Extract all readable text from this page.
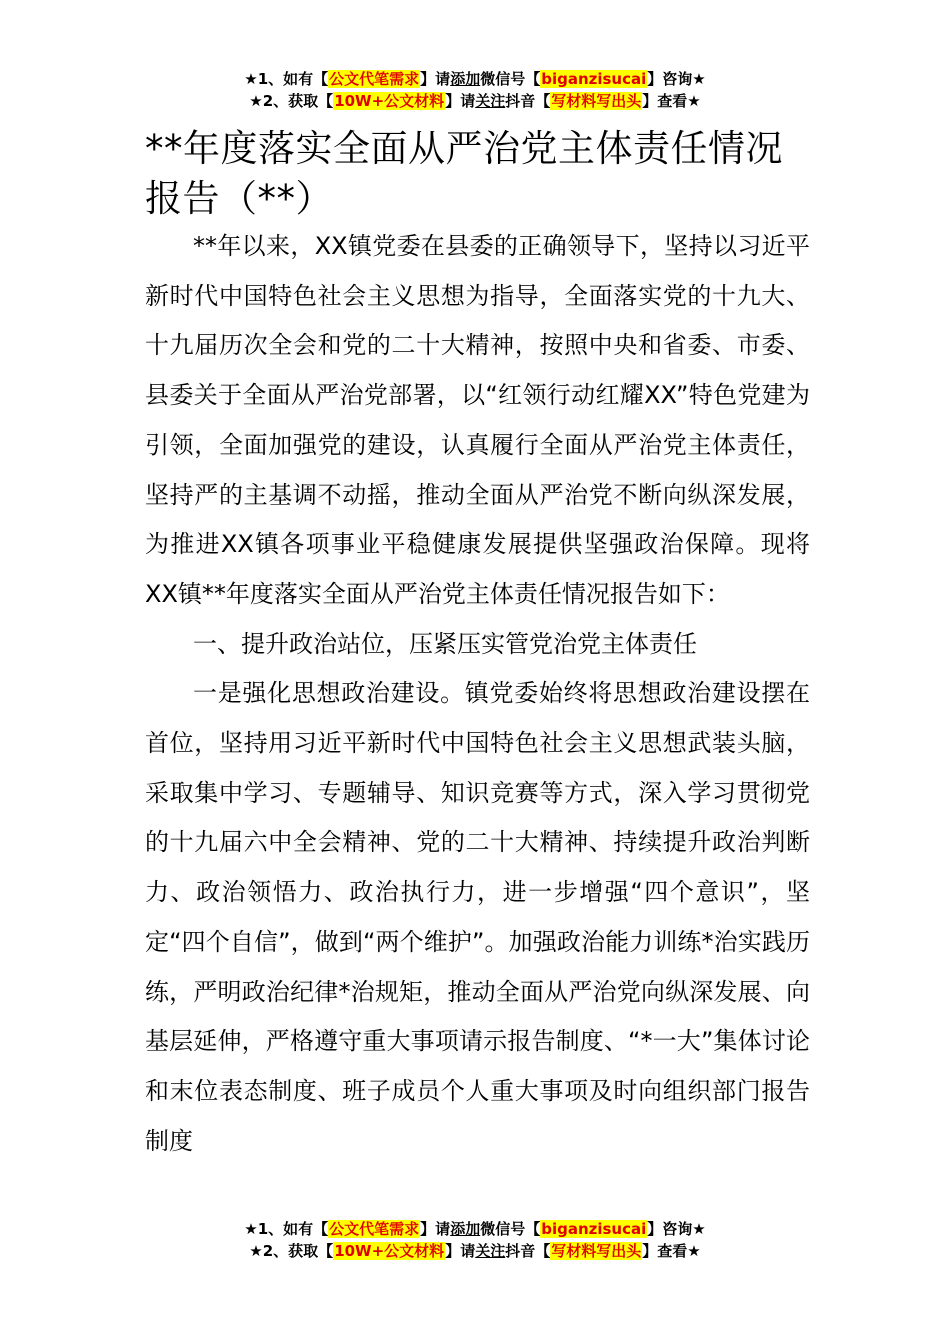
★1、如有【公文代笔需求】请添加微信号【biganzisucai】咨询★
★2、获取【10W+公文材料】请关注抖音【写材料写出头】查看★
**年度落实全面从严治党主体责任情况报告（**）

**年以来，XX镇党委在县委的正确领导下，坚持以习近平新时代中国特色社会主义思想为指导，全面落实党的十九大、十九届历次全会和党的二十大精神，按照中央和省委、市委、县委关于全面从严治党部署，以“红领行动红耀XX”特色党建为引领，全面加强党的建设，认真履行全面从严治党主体责任，坚持严的主基调不动摇，推动全面从严治党不断向纵深发展，为推进XX镇各项事业平稳健康发展提供坚强政治保障。现将XX镇**年度落实全面从严治党主体责任情况报告如下：

一、提升政治站位，压紧压实管党治党主体责任

一是强化思想政治建设。镇党委始终将思想政治建设摆在首位，坚持用习近平新时代中国特色社会主义思想武装头脑，采取集中学习、专题辅导、知识竞赛等方式，深入学习贯彻党的十九届六中全会精神、党的二十大精神、持续提升政治判断力、政治领悟力、政治执行力，进一步增强“四个意识”，坚定“四个自信”，做到“两个维护”。加强政治能力训练*治实践历练，严明政治纪律*治规矩，推动全面从严治党向纵深发展、向基层延伸，严格遵守重大事项请示报告制度、“*一大”集体讨论和末位表态制度、班子成员个人重大事项及时向组织部门报告制度

★1、如有【公文代笔需求】请添加微信号【biganzisucai】咨询★
★2、获取【10W+公文材料】请关注抖音【写材料写出头】查看★
